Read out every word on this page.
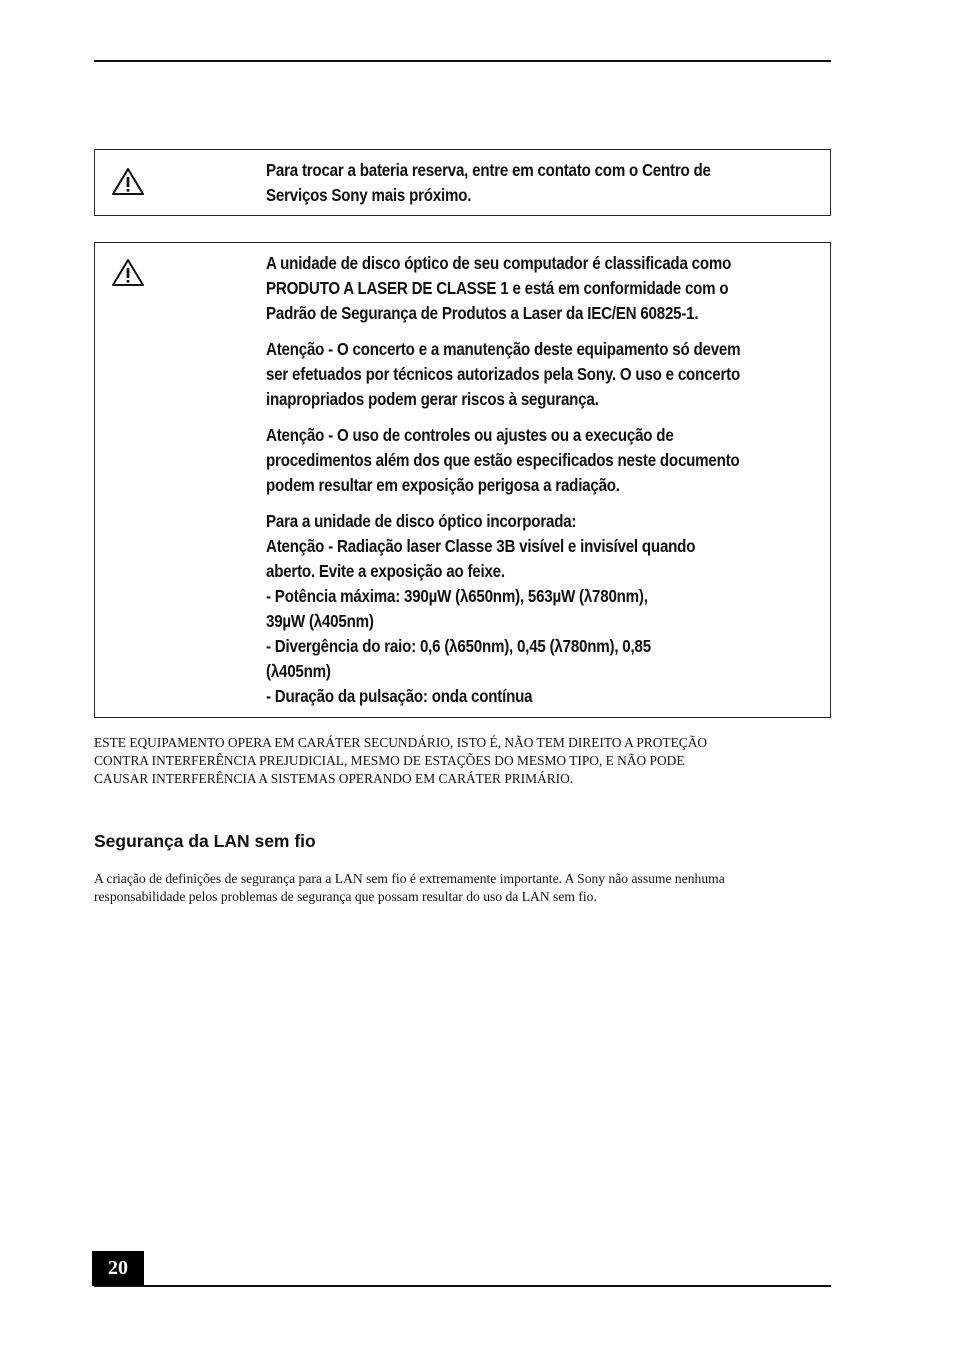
Para trocar a bateria reserva, entre em contato com o Centro de
Serviços Sony mais próximo.

A unidade de disco óptico de seu computador é classificada como
PRODUTO A LASER DE CLASSE 1 e está em conformidade com o
Padrão de Segurança de Produtos a Laser da IEC/EN 60825-1.

Atenção - O concerto e a manutenção deste equipamento só devem
ser efetuados por técnicos autorizados pela Sony. O uso e concerto
inapropriados podem gerar riscos à segurança.

Atenção - O uso de controles ou ajustes ou a execução de
procedimentos além dos que estão especificados neste documento
podem resultar em exposição perigosa a radiação.

Para a unidade de disco óptico incorporada:
Atenção - Radiação laser Classe 3B visível e invisível quando
aberto. Evite a exposição ao feixe.
- Potência máxima: 390µW (λ650nm), 563µW (λ780nm),
39µW (λ405nm)
- Divergência do raio: 0,6 (λ650nm), 0,45 (λ780nm), 0,85
(λ405nm)
- Duração da pulsação: onda contínua

ESTE EQUIPAMENTO OPERA EM CARÁTER SECUNDÁRIO, ISTO É, NÃO TEM DIREITO A PROTEÇÃO
CONTRA INTERFERÊNCIA PREJUDICIAL, MESMO DE ESTAÇÕES DO MESMO TIPO, E NÃO PODE
CAUSAR INTERFERÊNCIA A SISTEMAS OPERANDO EM CARÁTER PRIMÁRIO.
Segurança da LAN sem fio
A criação de definições de segurança para a LAN sem fio é extremamente importante. A Sony não assume nenhuma
responsabilidade pelos problemas de segurança que possam resultar do uso da LAN sem fio.
20
